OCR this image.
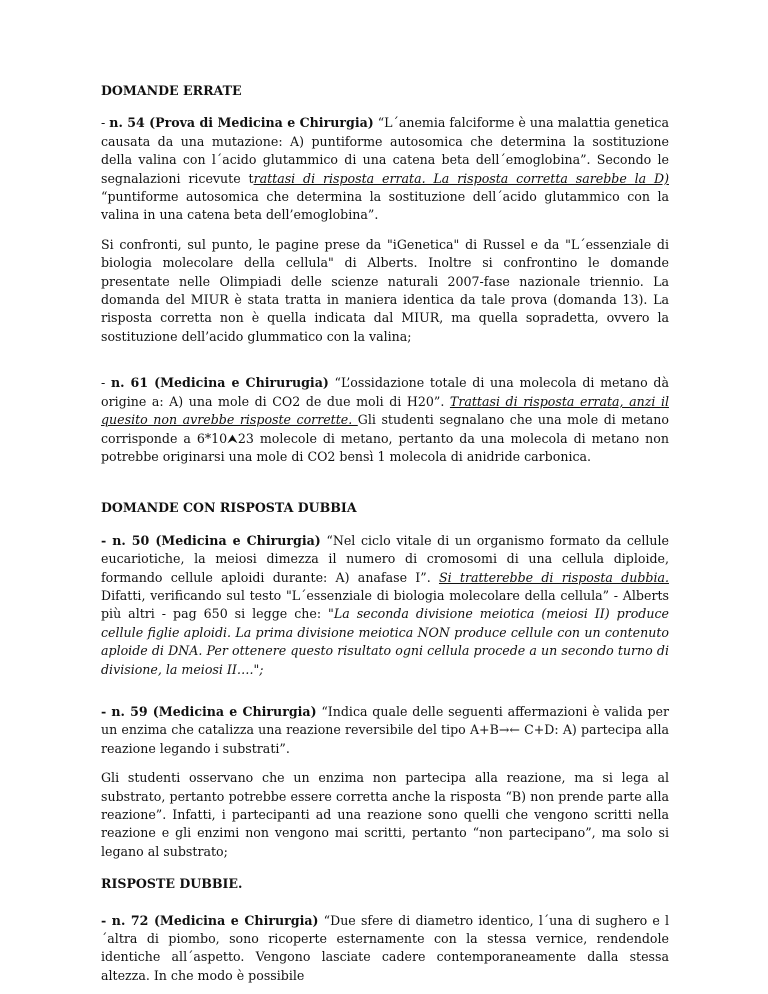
DOMANDE ERRATE

- n. 54 (Prova di Medicina e Chirurgia) “L´anemia falciforme è una malattia genetica causata da una mutazione: A) puntiforme autosomica che determina la sostituzione della valina con l´acido glutammico di una catena beta dell´emoglobina”. Secondo le segnalazioni ricevute trattasi di risposta errata. La risposta corretta sarebbe la D) “puntiforme autosomica che determina la sostituzione dell´acido glutammico con la valina in una catena beta dell’emoglobina”.

Si confronti, sul punto, le pagine prese da "iGenetica" di Russel e da "L´essenziale di biologia molecolare della cellula" di Alberts. Inoltre si confrontino le domande presentate nelle Olimpiadi delle scienze naturali 2007-fase nazionale triennio. La domanda del MIUR è stata tratta in maniera identica da tale prova (domanda 13). La risposta corretta non è quella indicata dal MIUR, ma quella sopradetta, ovvero la sostituzione dell’acido glummatico con la valina;

- n. 61 (Medicina e Chirurugia) “L’ossidazione totale di una molecola di metano dà origine a: A) una mole di CO2 de due moli di H20”. Trattasi di risposta errata, anzi il quesito non avrebbe risposte corrette. Gli studenti segnalano che una mole di metano corrisponde a 6*10⮝23 molecole di metano, pertanto da una molecola di metano non potrebbe originarsi una mole di CO2 bensì 1 molecola di anidride carbonica.

DOMANDE CON RISPOSTA DUBBIA

- n. 50 (Medicina e Chirurgia) “Nel ciclo vitale di un organismo formato da cellule eucariotiche, la meiosi dimezza il numero di cromosomi di una cellula diploide, formando cellule aploidi durante: A) anafase I”. Si tratterebbe di risposta dubbia. Difatti, verificando sul testo "L´essenziale di biologia molecolare della cellula” - Alberts più altri - pag 650 si legge che: "La seconda divisione meiotica (meiosi II) produce cellule figlie aploidi. La prima divisione meiotica NON produce cellule con un contenuto aploide di DNA. Per ottenere questo risultato ogni cellula procede a un secondo turno di divisione, la meiosi II….";

- n. 59 (Medicina e Chirurgia) “Indica quale delle seguenti affermazioni è valida per un enzima che catalizza una reazione reversibile del tipo A+B→← C+D: A) partecipa alla reazione legando i substrati”.

Gli studenti osservano che un enzima non partecipa alla reazione, ma si lega al substrato, pertanto potrebbe essere corretta anche la risposta “B) non prende parte alla reazione”. Infatti, i partecipanti ad una reazione sono quelli che vengono scritti nella reazione e gli enzimi non vengono mai scritti, pertanto “non partecipano”, ma solo si legano al substrato;

RISPOSTE DUBBIE.

- n. 72 (Medicina e Chirurgia) “Due sfere di diametro identico, l´una di sughero e l´altra di piombo, sono ricoperte esternamente con la stessa vernice, rendendole identiche all´aspetto. Vengono lasciate cadere contemporaneamente dalla stessa altezza. In che modo è possibile
